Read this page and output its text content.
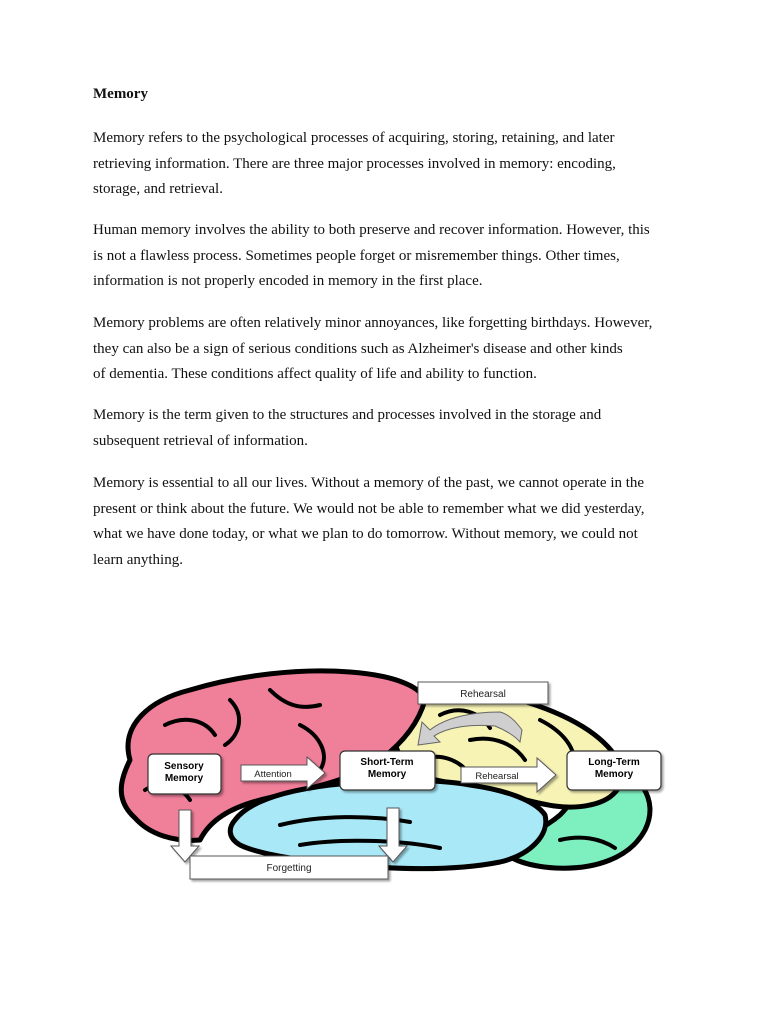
Memory

Memory refers to the psychological processes of acquiring, storing, retaining, and later
retrieving information. There are three major processes involved in memory: encoding,
storage, and retrieval.

Human memory involves the ability to both preserve and recover information. However, this
is not a flawless process. Sometimes people forget or misremember things. Other times,
information is not properly encoded in memory in the first place.

Memory problems are often relatively minor annoyances, like forgetting birthdays. However,
they can also be a sign of serious conditions such as Alzheimer's disease and other kinds
of dementia. These conditions affect quality of life and ability to function.

Memory is the term given to the structures and processes involved in the storage and
subsequent retrieval of information.

Memory is essential to all our lives. Without a memory of the past, we cannot operate in the
present or think about the future. We would not be able to remember what we did yesterday,
what we have done today, or what we plan to do tomorrow. Without memory, we could not
learn anything.

Rehearsal
Sensory
Memory	Attention
Short-Term
Memory	Rehearsal
Long-Term
Memory
Forgetting
